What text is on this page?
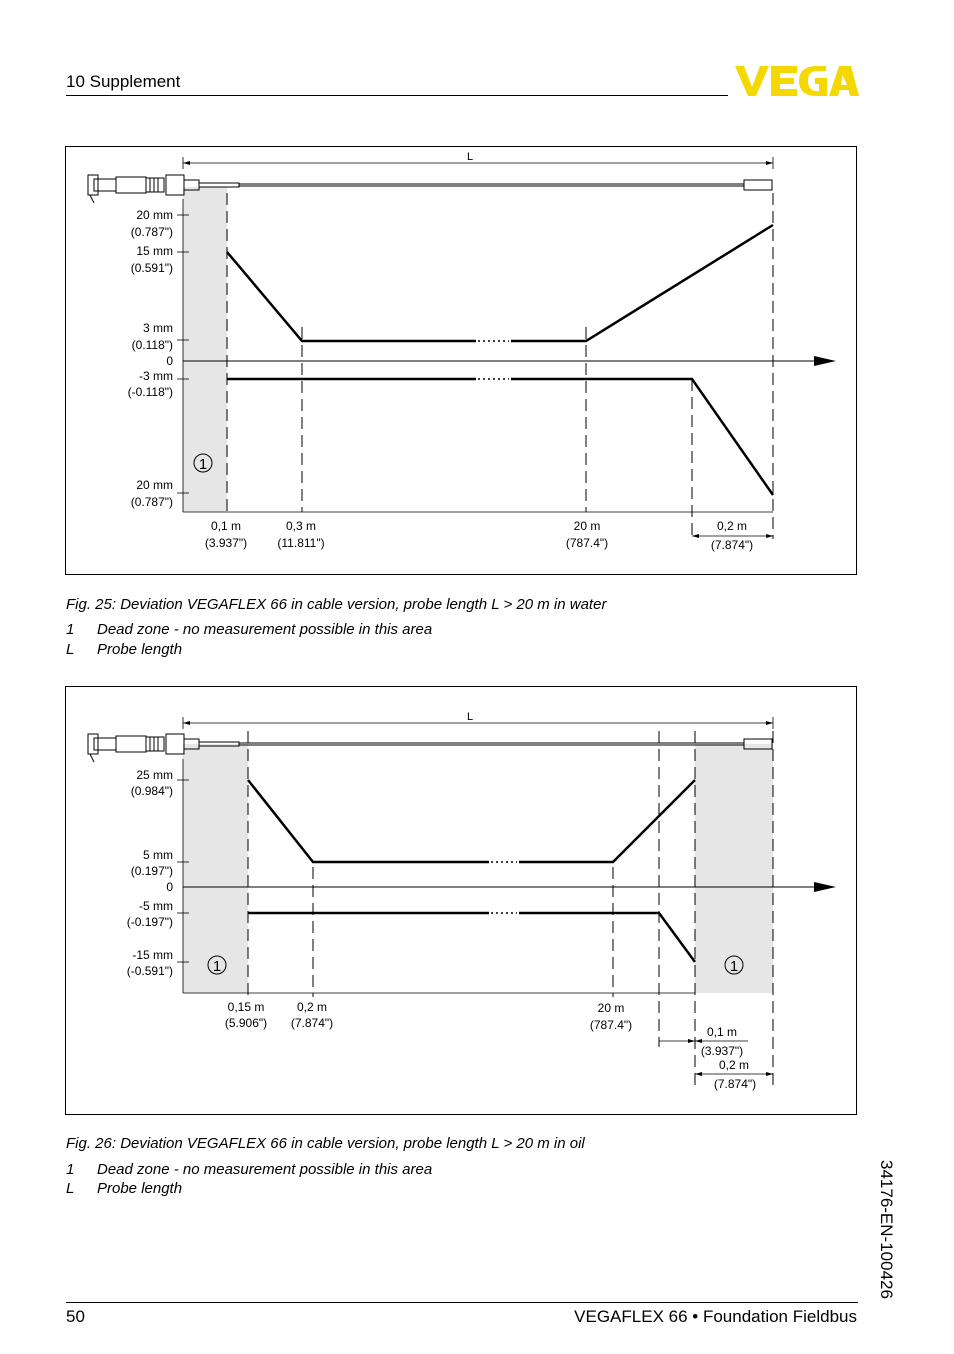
10 Supplement
L
1
20 mm
(0.787")
15 mm
(0.591")
3 mm
(0.118")
0
-3 mm
(-0.118")
20 mm
(0.787")
0,1 m
(3.937")
0,3 m
(11.811")
20 m
(787.4")
0,2 m
(7.874")
Fig. 25: Deviation VEGAFLEX 66 in cable version, probe length L > 20 m in water
1 Dead zone - no measurement possible in this area
L Probe length
L
1	1
25 mm
(0.984")
5 mm
(0.197")
0
-5 mm
(-0.197")
-15 mm
(-0.591")
0,15 m
(5.906")
0,2 m
(7.874")
20 m
(787.4")	0,1 m
(3.937")
0,2 m
(7.874")
Fig. 26: Deviation VEGAFLEX 66 in cable version, probe length L > 20 m in oil
1 Dead zone - no measurement possible in this area
L Probe length	34176-EN-100426
50	VEGAFLEX 66 • Foundation Fieldbus
